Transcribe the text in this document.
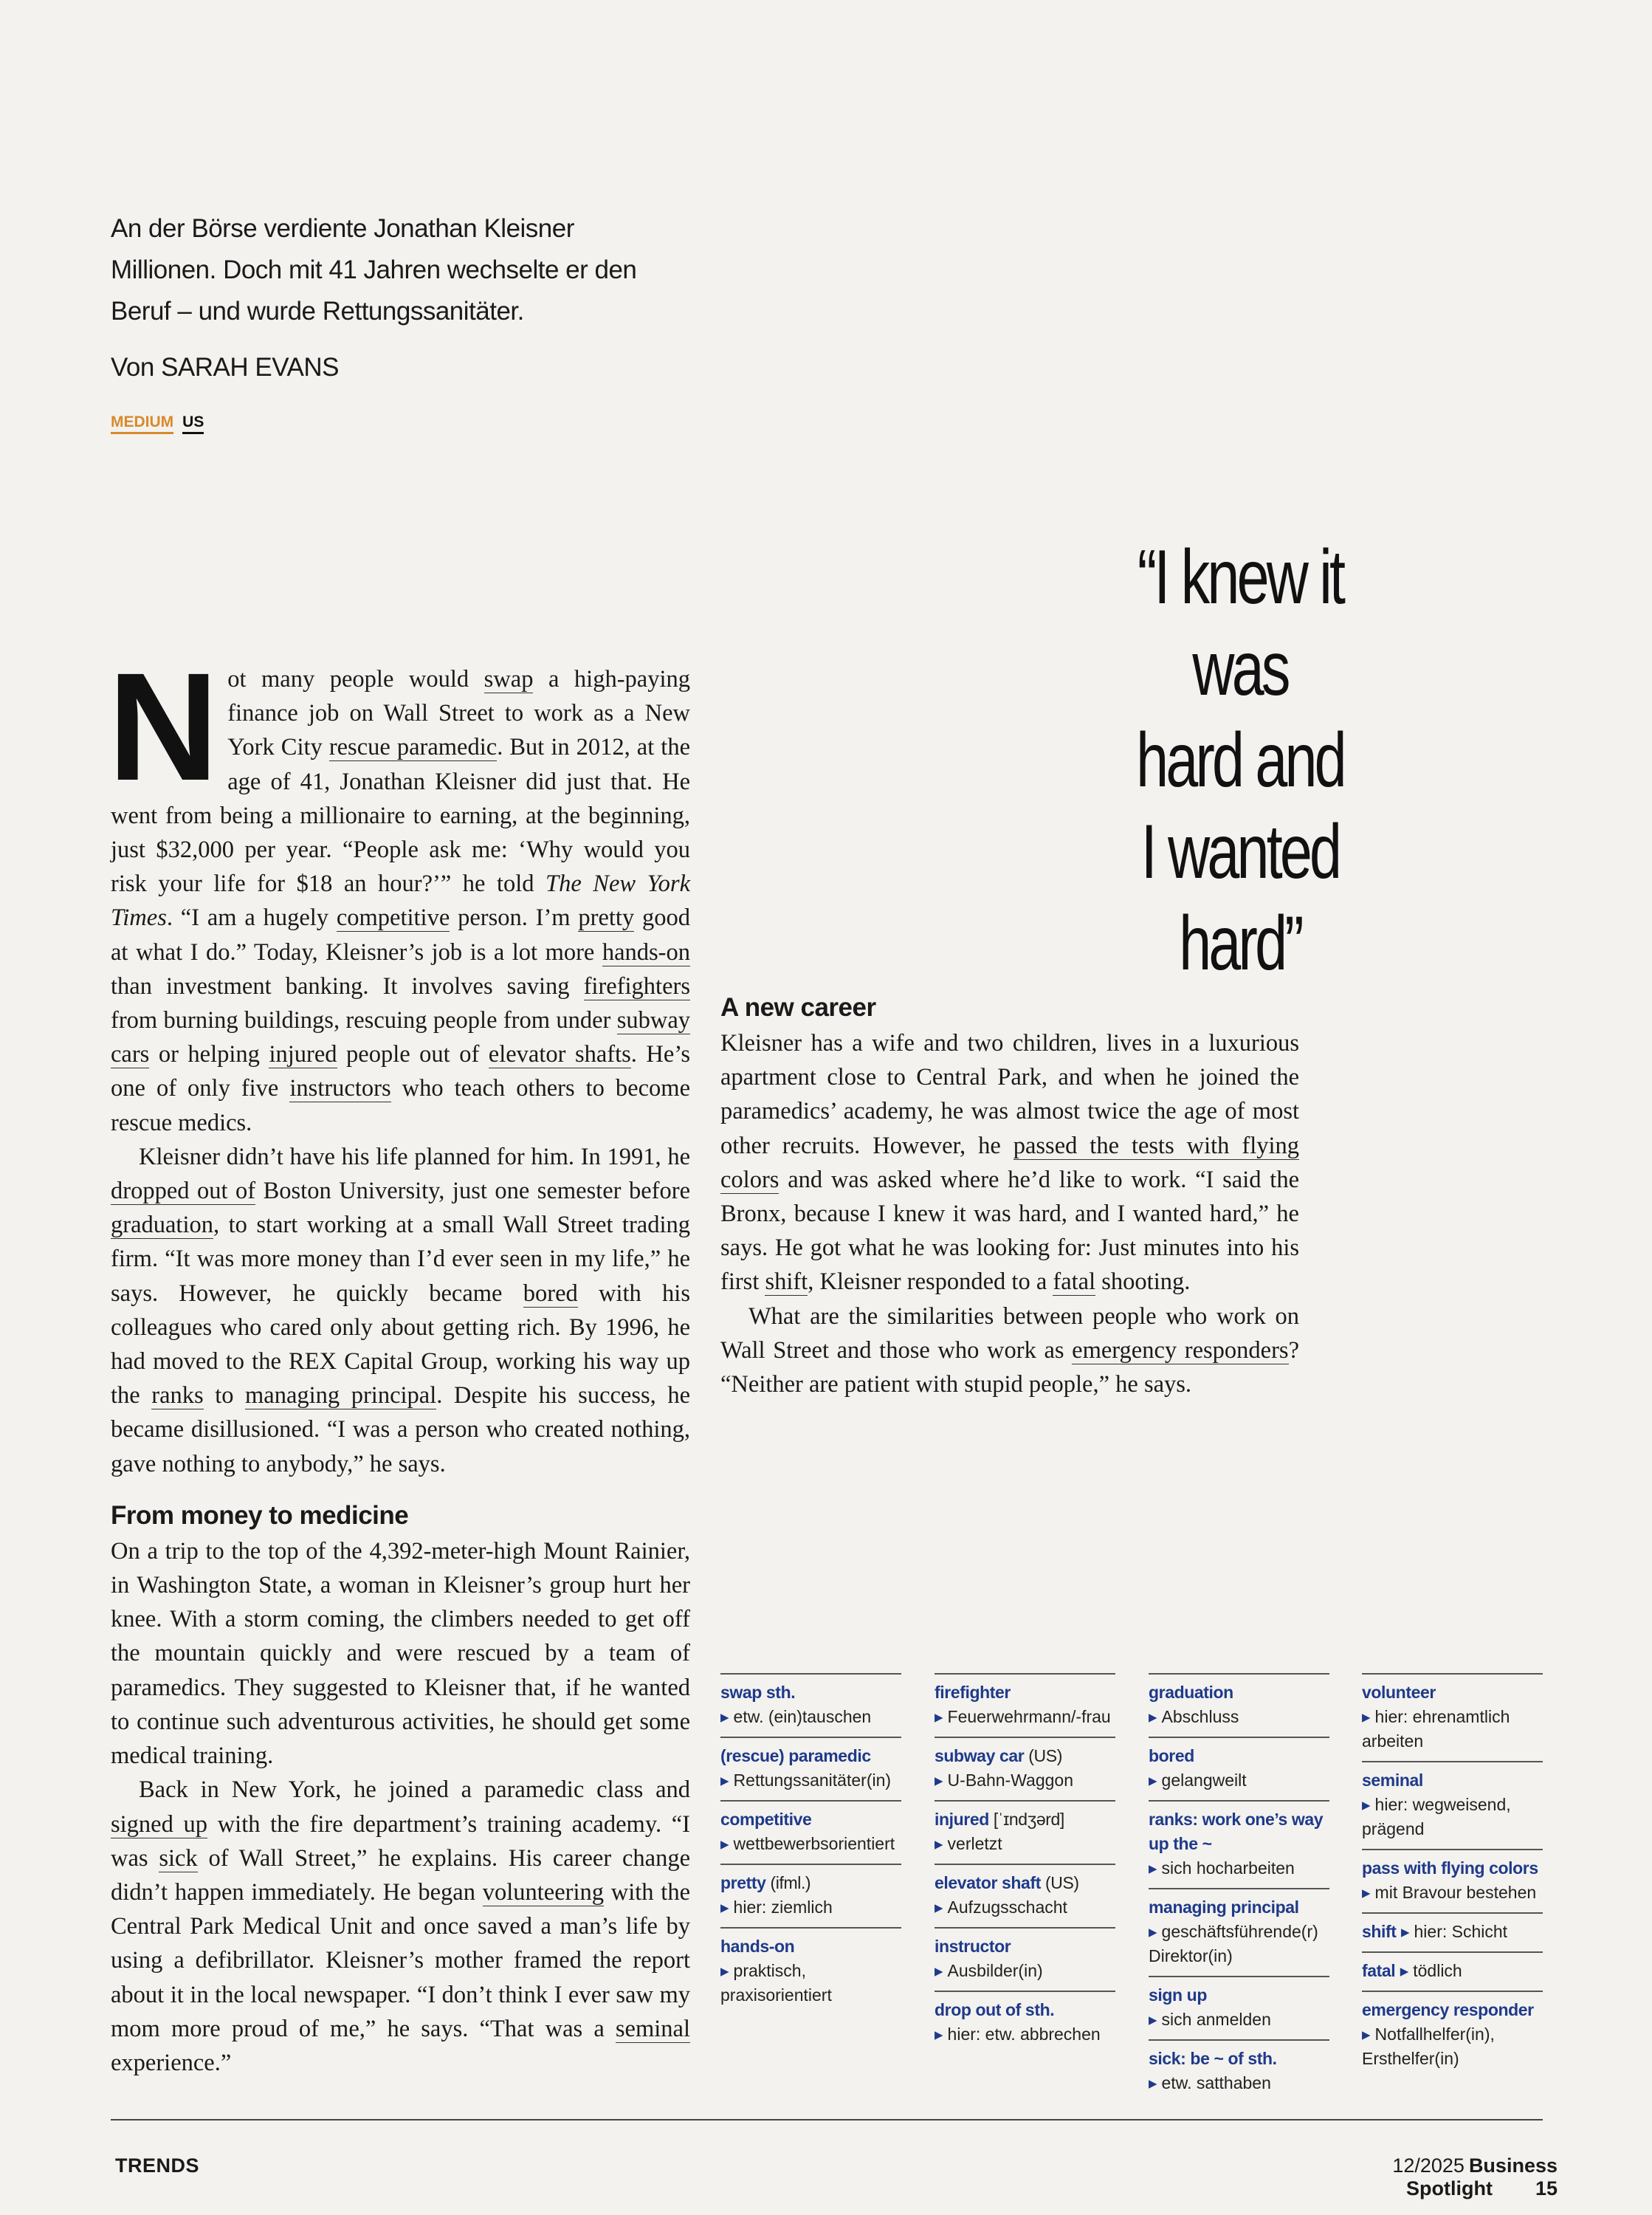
An der Börse verdiente Jonathan Kleisner Millionen. Doch mit 41 Jahren wechselte er den Beruf – und wurde Rettungssanitäter.
Von SARAH EVANS
MEDIUM US
“I knew it was
hard and
I wanted hard”

Not many people would swap a high-paying finance job on Wall Street to work as a New York City rescue paramedic. But in 2012, at the age of 41, Jonathan Kleisner did just that. He went from being a millionaire to earning, at the beginning, just $32,000 per year. “People ask me: ‘Why would you risk your life for $18 an hour?’” he told The New York Times. “I am a hugely competitive person. I’m pretty good at what I do.” Today, Kleisner’s job is a lot more hands-on than investment banking. It involves saving firefighters from burning buildings, rescuing people from under subway cars or helping injured people out of elevator shafts. He’s one of only five instructors who teach others to become rescue medics.

Kleisner didn’t have his life planned for him. In 1991, he dropped out of Boston University, just one semester before graduation, to start working at a small Wall Street trading firm. “It was more money than I’d ever seen in my life,” he says. However, he quickly became bored with his colleagues who cared only about getting rich. By 1996, he had moved to the REX Capital Group, working his way up the ranks to managing principal. Despite his success, he became disillusioned. “I was a person who created nothing, gave nothing to anybody,” he says.

From money to medicine

On a trip to the top of the 4,392-meter-high Mount Rainier, in Washington State, a woman in Kleisner’s group hurt her knee. With a storm coming, the climbers needed to get off the mountain quickly and were rescued by a team of paramedics. They suggested to Kleisner that, if he wanted to continue such adventurous activities, he should get some medical training.

Back in New York, he joined a paramedic class and signed up with the fire department’s training academy. “I was sick of Wall Street,” he explains. His career change didn’t happen immediately. He began volunteering with the Central Park Medical Unit and once saved a man’s life by using a defibrillator. Kleisner’s mother framed the report about it in the local newspaper. “I don’t think I ever saw my mom more proud of me,” he says. “That was a seminal experience.”

A new career

Kleisner has a wife and two children, lives in a luxurious apartment close to Central Park, and when he joined the paramedics’ academy, he was almost twice the age of most other recruits. However, he passed the tests with flying colors and was asked where he’d like to work. “I said the Bronx, because I knew it was hard, and I wanted hard,” he says. He got what he was looking for: Just minutes into his first shift, Kleisner responded to a fatal shooting.

What are the similarities between people who work on Wall Street and those who work as emergency responders? “Neither are patient with stupid people,” he says.

swap sth.
▸ etw. (ein)tauschen
(rescue) paramedic
▸ Rettungssanitäter(in)
competitive
▸ wettbewerbsorientiert
pretty (ifml.)
▸ hier: ziemlich
hands-on
▸ praktisch, praxisorientiert
firefighter
▸ Feuerwehrmann/-frau
subway car (US)
▸ U-Bahn-Waggon
injured [ˈɪndʒərd]
▸ verletzt
elevator shaft (US)
▸ Aufzugsschacht
instructor
▸ Ausbilder(in)
drop out of sth.
▸ hier: etw. abbrechen
graduation
▸ Abschluss
bored
▸ gelangweilt
ranks: work one’s way up the ~
▸ sich hocharbeiten
managing principal
▸ geschäftsführende(r) Direktor(in)
sign up
▸ sich anmelden
sick: be ~ of sth.
▸ etw. satthaben
volunteer
▸ hier: ehrenamtlich arbeiten
seminal
▸ hier: wegweisend, prägend
pass with flying colors
▸ mit Bravour bestehen
shift ▸ hier: Schicht
fatal ▸ tödlich
emergency responder
▸ Notfallhelfer(in), Ersthelfer(in)
TRENDS	12/2025 Business Spotlight 15
